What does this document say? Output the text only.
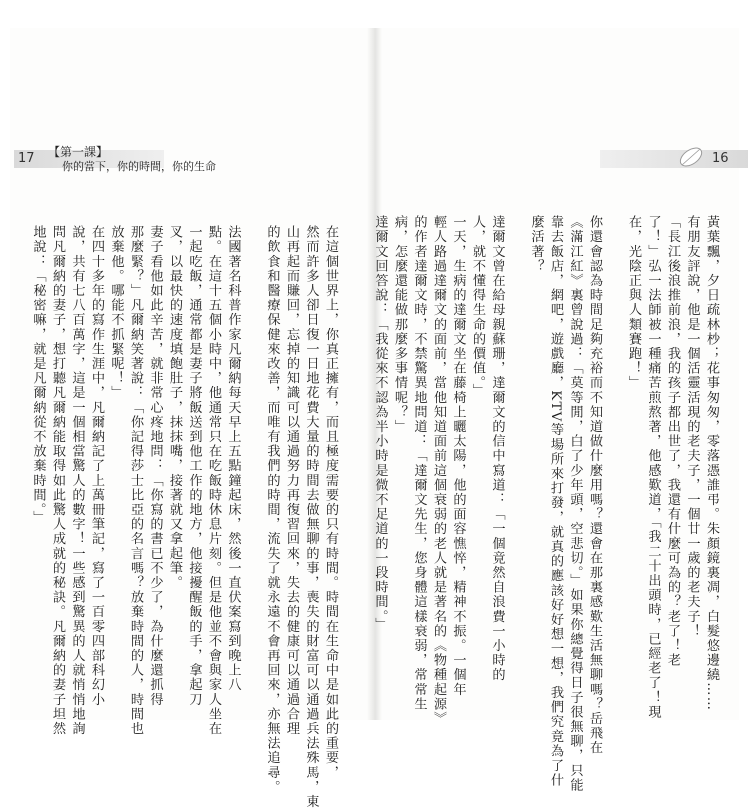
17 【第一課】
你的當下，你的時間，你的生命
16
黃葉飄，夕日疏林杪；花事匆匆，零落憑誰弔。朱顏鏡裏凋，白髮悠邊繞……
有朋友評說，他是一個活靈活現的老夫子，一個廿一歲的老夫子！
「長江後浪推前浪，我的孩子都出世了，我還有什麼可為的？老了！老
了！」弘一法師被一種痛苦煎熬著，他感歎道，「我二十出頭時，已經老了！現
在，光陰正與人類賽跑！」

你還會認為時間足夠充裕而不知道做什麼用嗎？還會在那裏感歎生活無聊嗎？岳飛在
《滿江紅》裏曾說過：「莫等閒，白了少年頭，空悲切。」如果你總覺得日子很無聊，只能
靠去飯店，網吧，遊戲廳，KTV等場所來打發，就真的應該好好想一想，我們究竟為了什
麼活著？

達爾文曾在給母親蘇珊，達爾文的信中寫道：「一個竟然自浪費一小時的
人，就不懂得生命的價值。」
一天，生病的達爾文坐在藤椅上曬太陽，他的面容憔悴，精神不振。一個年
輕人路過達爾文的面前，當他知道面前這個衰弱的老人就是著名的《物種起源》
的作者達爾文時，不禁驚異地問道：「達爾文先生，您身體這樣衰弱，常常生
病，怎麼還能做那麼多事情呢？」
達爾文回答說：「我從來不認為半小時是微不足道的一段時間。」
在這個世界上，你真正擁有，而且極度需要的只有時間。時間在生命中是如此的重要，
然而許多人卻日復一日地花費大量的時間去做無聊的事，喪失的財富可以通過兵法殊馬，東
山再起而賺回，忘掉的知識可以通過努力再復習回來，失去的健康可以通過合理
的飲食和醫療保健來改善，而唯有我們的時間，流失了就永遠不會再回來，亦無法追尋。

法國著名科普作家凡爾納每天早上五點鐘起床，然後一直伏案寫到晚上八
點。在這十五個小時中，他通常只在吃飯時休息片刻。但是他並不會與家人坐在
一起吃飯，通常都是妻子將飯送到他工作的地方，他接擾醒飯的手，拿起刀
叉，以最快的速度填飽肚子，抹抹嘴，接著就又拿起筆。
妻子看他如此辛苦，就非常心疼地問：「你寫的書已不少了，為什麼還抓得
那麼緊？」凡爾納笑著說：「你記得莎士比亞的名言嗎？放棄時間的人，時間也
放棄他。哪能不抓緊呢！」
在四十多年的寫作生涯中，凡爾納記了上萬冊筆記，寫了一百零四部科幻小
說，共有七八百萬字，這是一個相當驚人的數字！一些感到驚異的人就悄悄地詢
問凡爾納的妻子，想打聽凡爾納能取得如此驚人成就的秘訣。凡爾納的妻子坦然
地說：「秘密嘛，就是凡爾納從不放棄時間。」
